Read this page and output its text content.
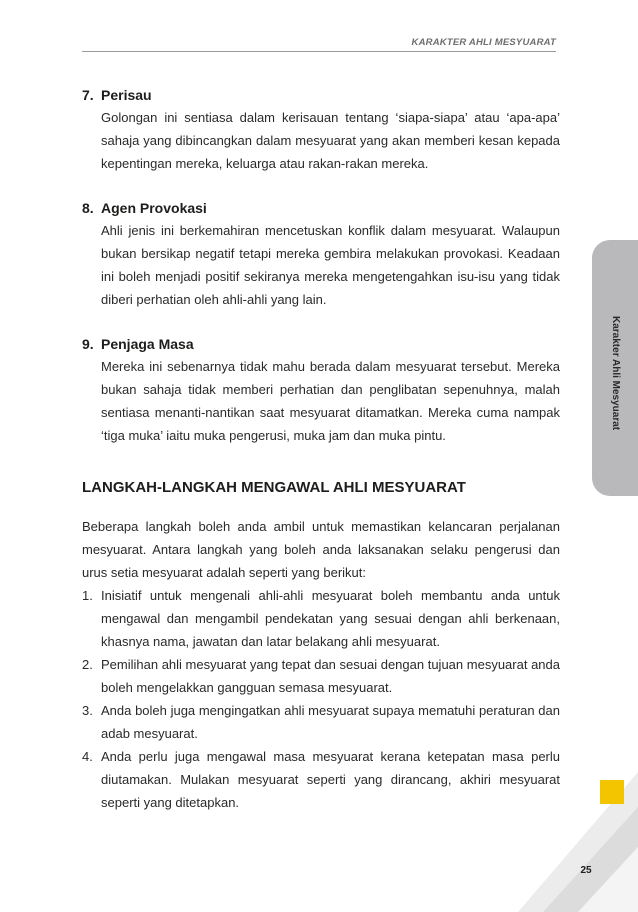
KARAKTER AHLI MESYUARAT
Karakter Ahli Mesyuarat
7. Perisau
Golongan ini sentiasa dalam kerisauan tentang ‘siapa-siapa’ atau ‘apa-apa’ sahaja yang dibincangkan dalam mesyuarat yang akan memberi kesan kepada kepentingan mereka, keluarga atau rakan-rakan mereka.
8. Agen Provokasi
Ahli jenis ini berkemahiran mencetuskan konflik dalam mesyuarat. Walaupun bukan bersikap negatif tetapi mereka gembira melakukan provokasi. Keadaan ini boleh menjadi positif sekiranya mereka mengetengahkan isu-isu yang tidak diberi perhatian oleh ahli-ahli yang lain.
9. Penjaga Masa
Mereka ini sebenarnya tidak mahu berada dalam mesyuarat tersebut. Mereka bukan sahaja tidak memberi perhatian dan penglibatan sepenuhnya, malah sentiasa menanti-nantikan saat mesyuarat ditamatkan. Mereka cuma nampak ‘tiga muka’ iaitu muka pengerusi, muka jam dan muka pintu.
LANGKAH-LANGKAH MENGAWAL AHLI MESYUARAT
Beberapa langkah boleh anda ambil untuk memastikan kelancaran perjalanan mesyuarat. Antara langkah yang boleh anda laksanakan selaku pengerusi dan urus setia mesyuarat adalah seperti yang berikut:
1. Inisiatif untuk mengenali ahli-ahli mesyuarat boleh membantu anda untuk mengawal dan mengambil pendekatan yang sesuai dengan ahli berkenaan, khasnya nama, jawatan dan latar belakang ahli mesyuarat.
2. Pemilihan ahli mesyuarat yang tepat dan sesuai dengan tujuan mesyuarat anda boleh mengelakkan gangguan semasa mesyuarat.
3. Anda boleh juga mengingatkan ahli mesyuarat supaya mematuhi peraturan dan adab mesyuarat.
4. Anda perlu juga mengawal masa mesyuarat kerana ketepatan masa perlu diutamakan. Mulakan mesyuarat seperti yang dirancang, akhiri mesyuarat seperti yang ditetapkan.
25
